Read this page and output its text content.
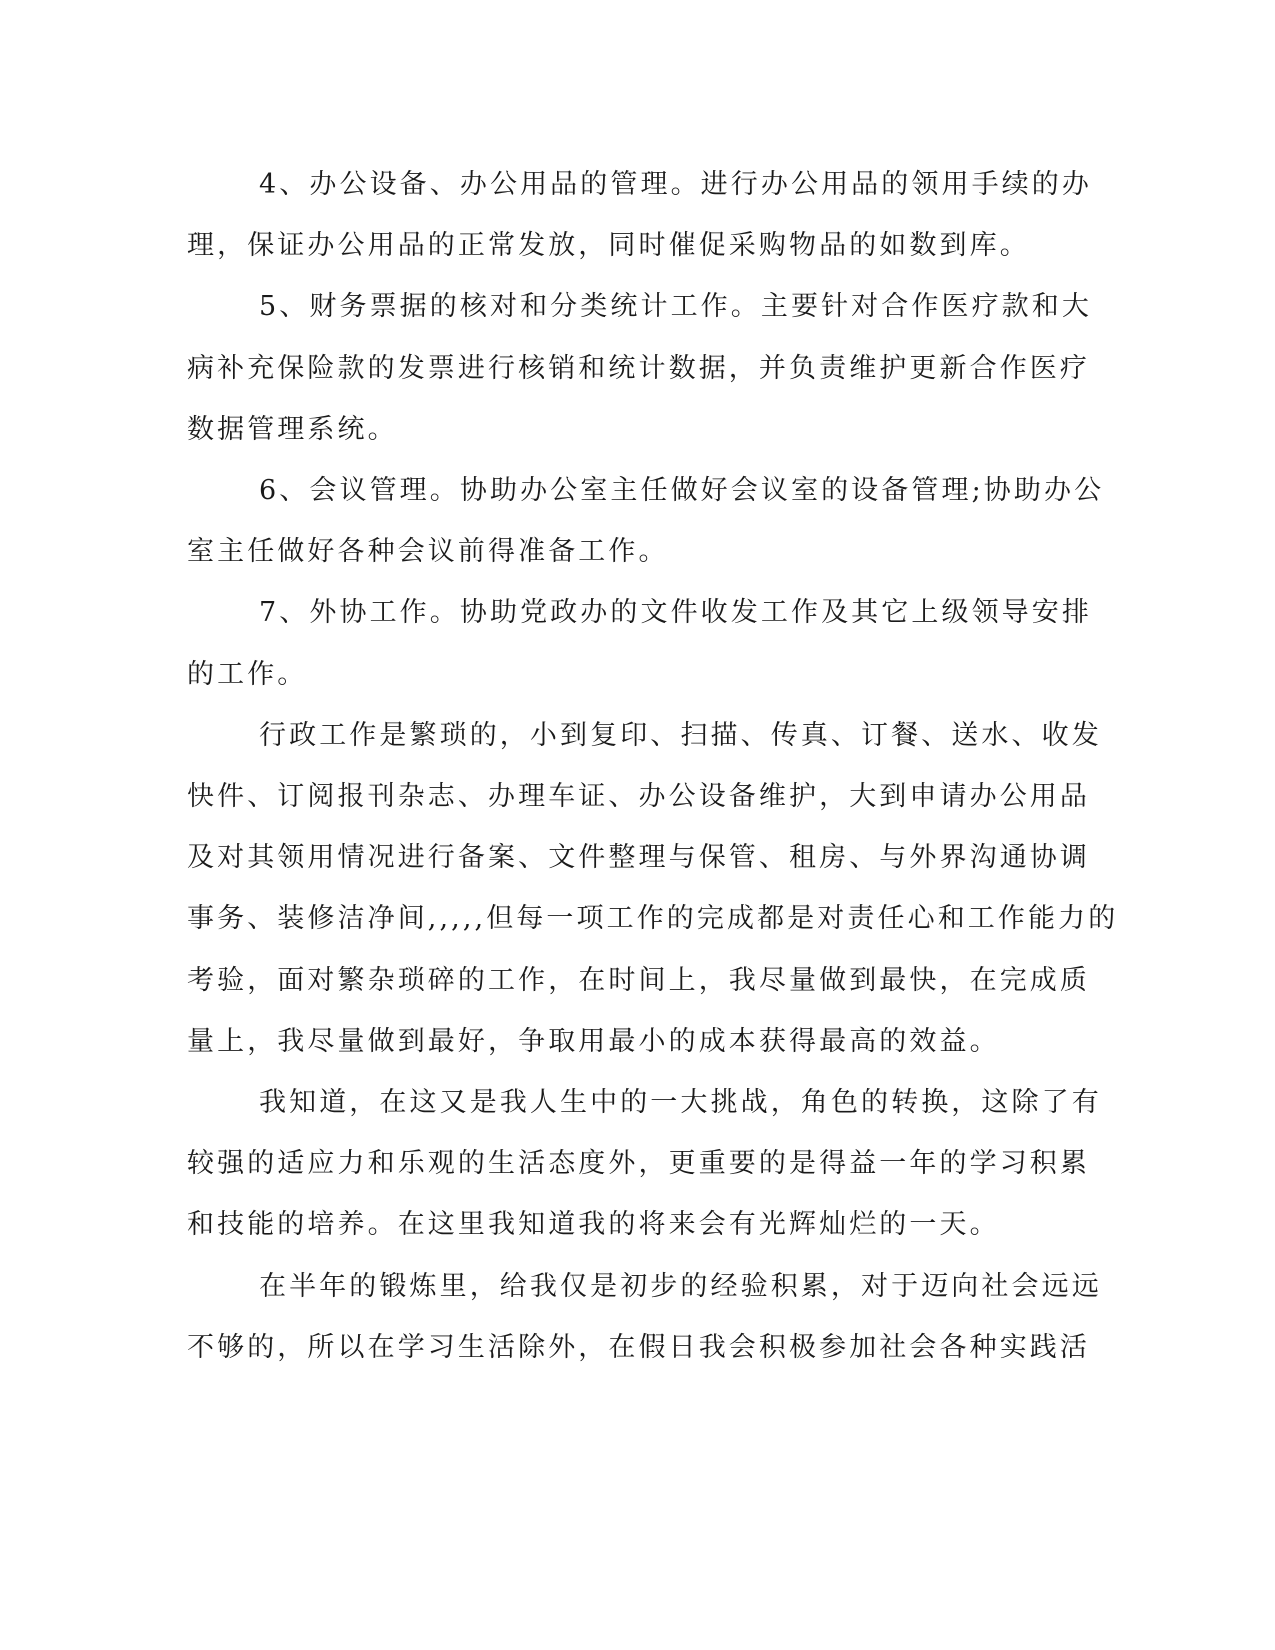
4、办公设备、办公用品的管理。进行办公用品的领用手续的办
理，保证办公用品的正常发放，同时催促采购物品的如数到库。
5、财务票据的核对和分类统计工作。主要针对合作医疗款和大
病补充保险款的发票进行核销和统计数据，并负责维护更新合作医疗
数据管理系统。
6、会议管理。协助办公室主任做好会议室的设备管理;协助办公
室主任做好各种会议前得准备工作。
7、外协工作。协助党政办的文件收发工作及其它上级领导安排
的工作。
行政工作是繁琐的，小到复印、扫描、传真、订餐、送水、收发
快件、订阅报刊杂志、办理车证、办公设备维护，大到申请办公用品
及对其领用情况进行备案、文件整理与保管、租房、与外界沟通协调
事务、装修洁净间,,,,,但每一项工作的完成都是对责任心和工作能力的
考验，面对繁杂琐碎的工作，在时间上，我尽量做到最快，在完成质
量上，我尽量做到最好，争取用最小的成本获得最高的效益。
我知道，在这又是我人生中的一大挑战，角色的转换，这除了有
较强的适应力和乐观的生活态度外，更重要的是得益一年的学习积累
和技能的培养。在这里我知道我的将来会有光辉灿烂的一天。
在半年的锻炼里，给我仅是初步的经验积累，对于迈向社会远远
不够的，所以在学习生活除外，在假日我会积极参加社会各种实践活
